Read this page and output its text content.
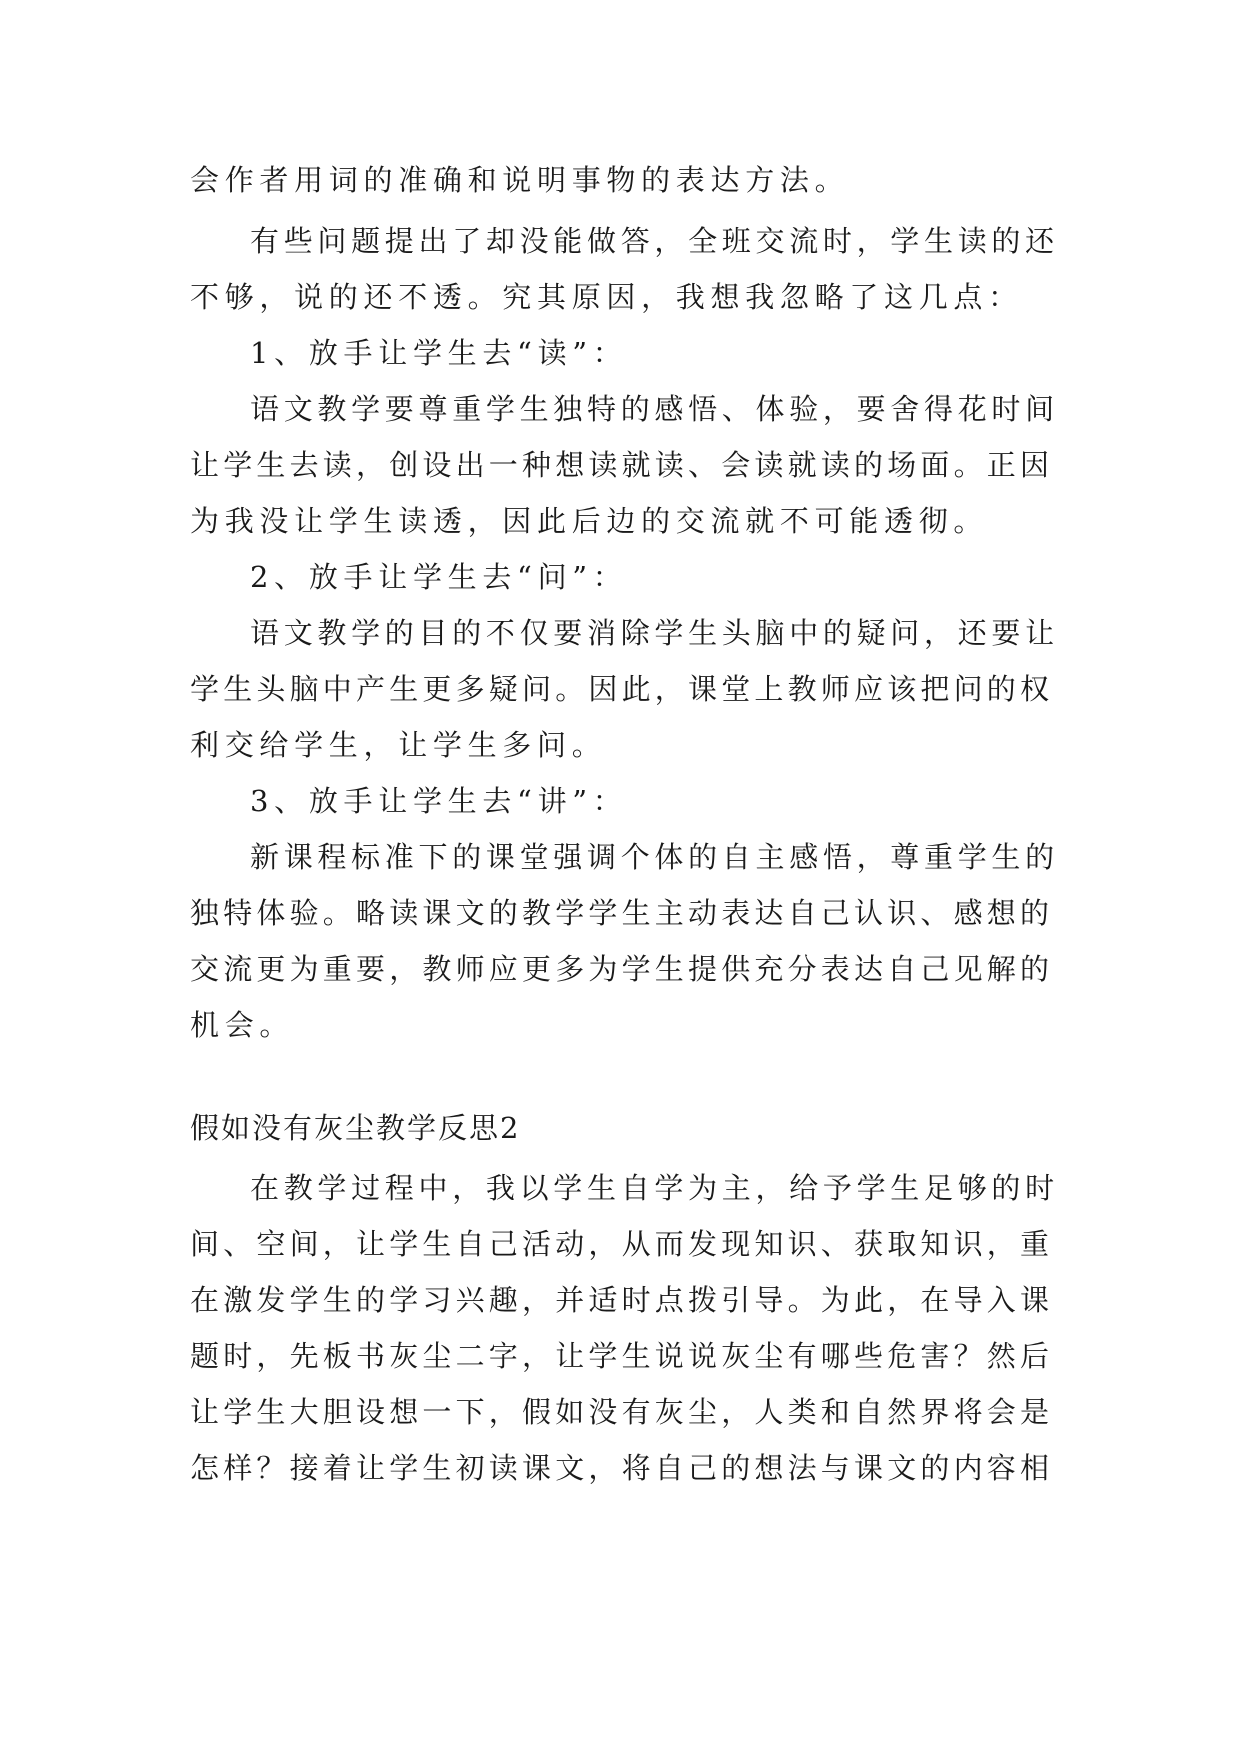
会作者用词的准确和说明事物的表达方法。
有些问题提出了却没能做答，全班交流时，学生读的还
不够，说的还不透。究其原因，我想我忽略了这几点：
1、放手让学生去“读”：
语文教学要尊重学生独特的感悟、体验，要舍得花时间
让学生去读，创设出一种想读就读、会读就读的场面。正因
为我没让学生读透，因此后边的交流就不可能透彻。
2、放手让学生去“问”：
语文教学的目的不仅要消除学生头脑中的疑问，还要让
学生头脑中产生更多疑问。因此，课堂上教师应该把问的权
利交给学生，让学生多问。
3、放手让学生去“讲”：
新课程标准下的课堂强调个体的自主感悟，尊重学生的
独特体验。略读课文的教学学生主动表达自己认识、感想的
交流更为重要，教师应更多为学生提供充分表达自己见解的
机会。
假如没有灰尘教学反思2
在教学过程中，我以学生自学为主，给予学生足够的时
间、空间，让学生自己活动，从而发现知识、获取知识，重
在激发学生的学习兴趣，并适时点拨引导。为此，在导入课
题时，先板书灰尘二字，让学生说说灰尘有哪些危害？然后
让学生大胆设想一下，假如没有灰尘，人类和自然界将会是
怎样？接着让学生初读课文，将自己的想法与课文的内容相
